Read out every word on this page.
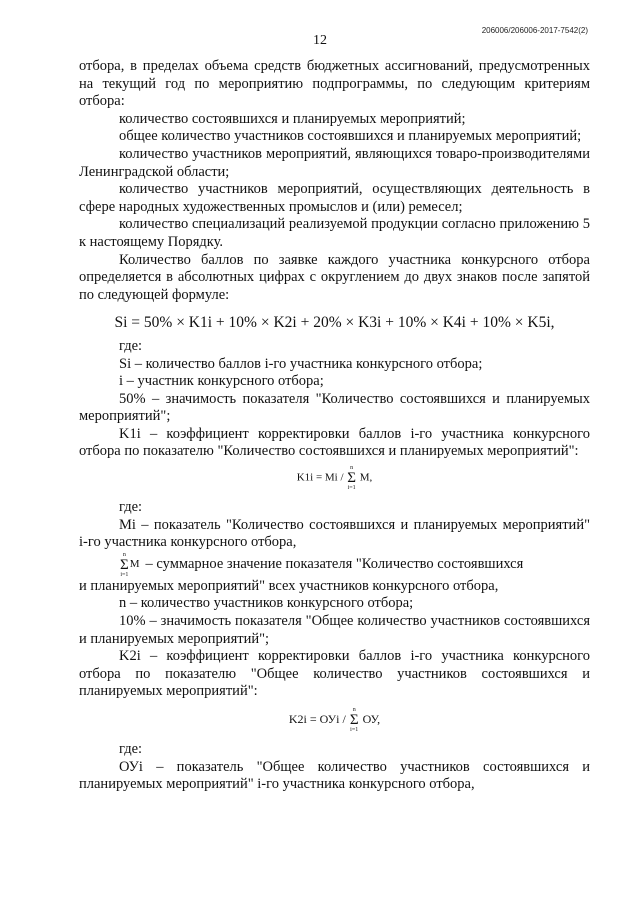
206006/206006-2017-7542(2)
12

отбора, в пределах объема средств бюджетных ассигнований, предусмотренных на текущий год по мероприятию подпрограммы, по следующим критериям отбора:

количество состоявшихся и планируемых мероприятий;

общее количество участников состоявшихся и планируемых мероприятий;

количество участников мероприятий, являющихся товаро-производителями Ленинградской области;

количество участников мероприятий, осуществляющих деятельность в сфере народных художественных промыслов и (или) ремесел;

количество специализаций реализуемой продукции согласно приложению 5 к настоящему Порядку.

Количество баллов по заявке каждого участника конкурсного отбора определяется в абсолютных цифрах с округлением до двух знаков после запятой по следующей формуле:

Si = 50% × K1i + 10% × K2i + 20% × K3i + 10% × K4i + 10% × K5i,

где:

Si – количество баллов i-го участника конкурсного отбора;

i – участник конкурсного отбора;

50% – значимость показателя "Количество состоявшихся и планируемых мероприятий";

K1i – коэффициент корректировки баллов i-го участника конкурсного отбора по показателю "Количество состоявшихся и планируемых мероприятий":

K1i = Mi /
n
Σ
i=1
M,

где:

Mi – показатель "Количество состоявшихся и планируемых мероприятий" i-го участника конкурсного отбора,

n
Σ
i=1
M – суммарное значение показателя "Количество состоявшихся

и планируемых мероприятий" всех участников конкурсного отбора,

n – количество участников конкурсного отбора;

10% – значимость показателя "Общее количество участников состоявшихся и планируемых мероприятий";

K2i – коэффициент корректировки баллов i-го участника конкурсного отбора по показателю "Общее количество участников состоявшихся и планируемых мероприятий":

K2i = ОУi /
n
Σ
i=1
ОУ,

где:

ОУi – показатель "Общее количество участников состоявшихся и планируемых мероприятий" i-го участника конкурсного отбора,
